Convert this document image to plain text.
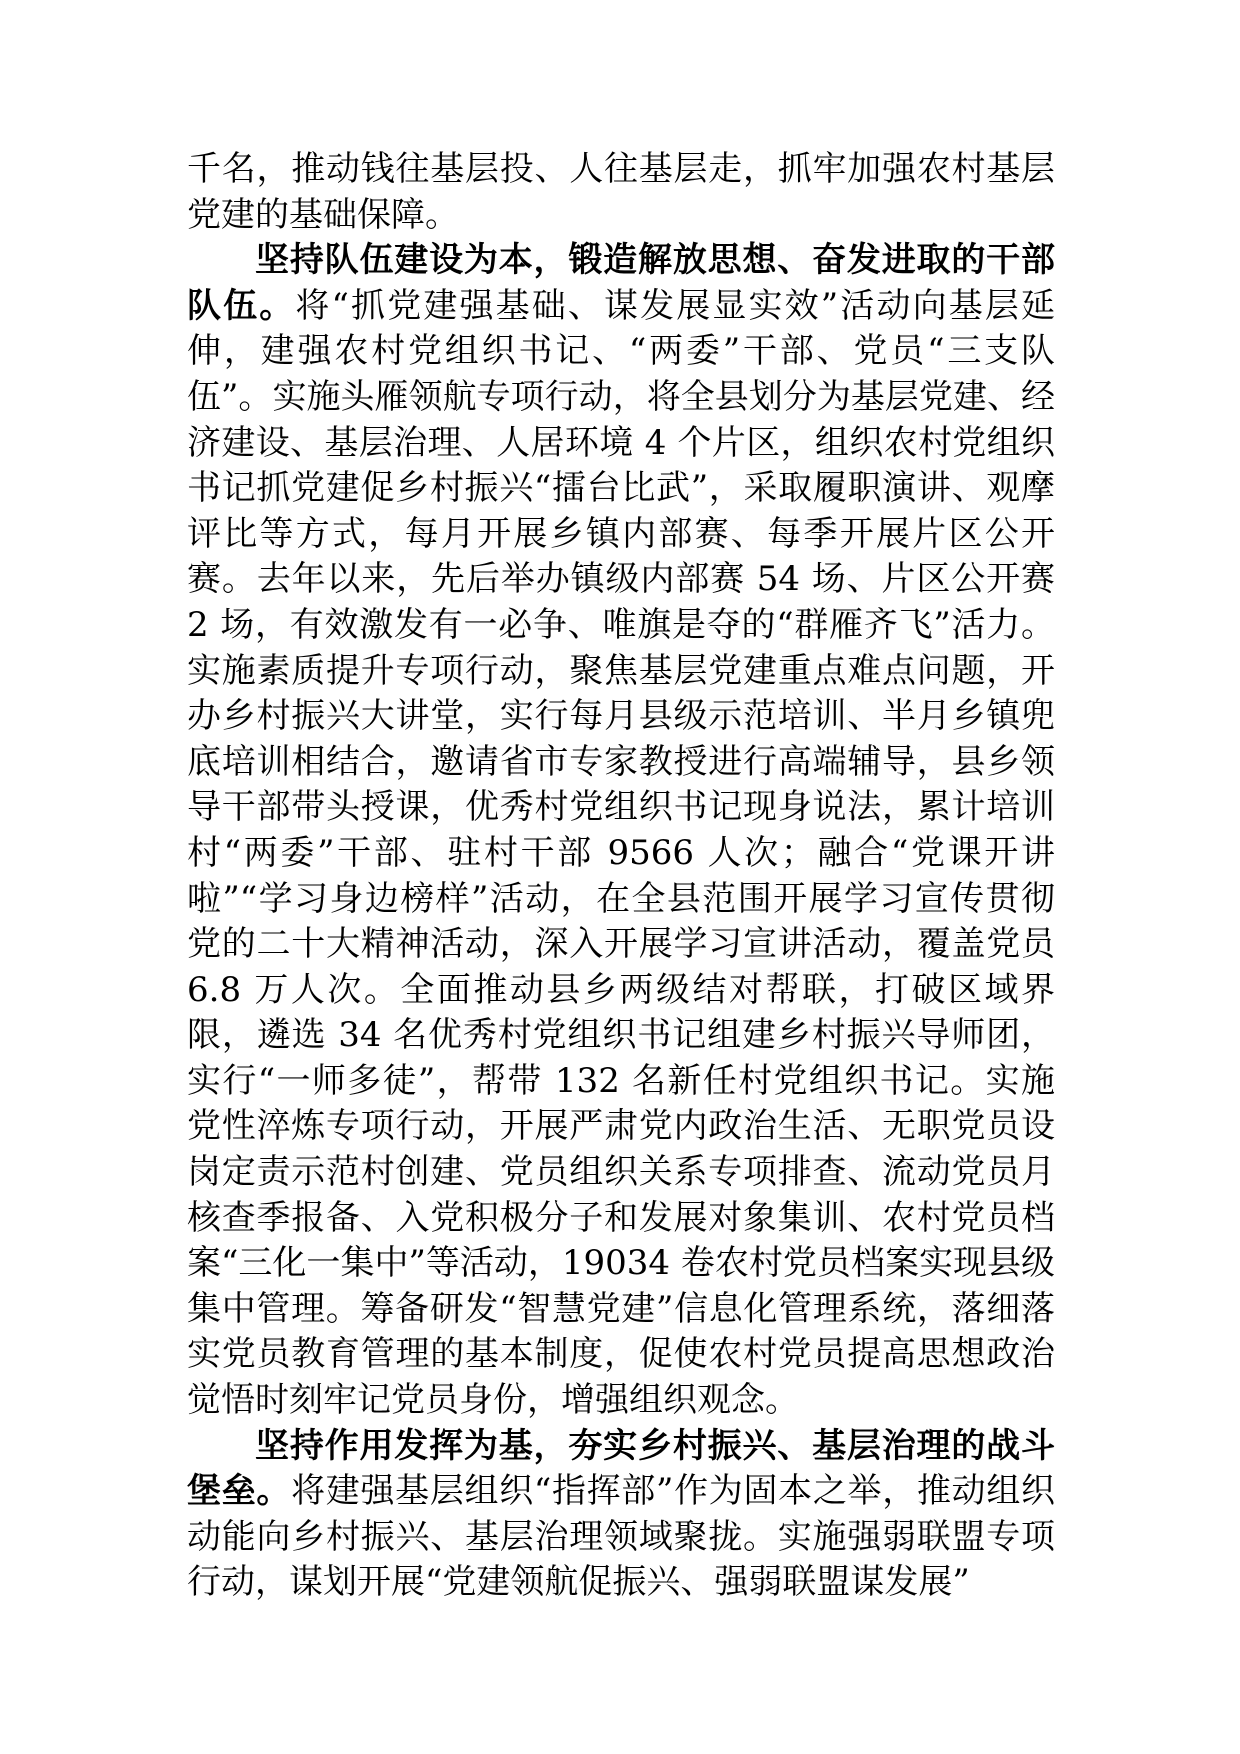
千名，推动钱往基层投、人往基层走，抓牢加强农村基层党建的基础保障。

坚持队伍建设为本，锻造解放思想、奋发进取的干部队伍。将“抓党建强基础、谋发展显实效”活动向基层延伸，建强农村党组织书记、“两委”干部、党员“三支队伍”。实施头雁领航专项行动，将全县划分为基层党建、经济建设、基层治理、人居环境 4 个片区，组织农村党组织书记抓党建促乡村振兴“擂台比武”，采取履职演讲、观摩评比等方式，每月开展乡镇内部赛、每季开展片区公开赛。去年以来，先后举办镇级内部赛 54 场、片区公开赛 2 场，有效激发有一必争、唯旗是夺的“群雁齐飞”活力。实施素质提升专项行动，聚焦基层党建重点难点问题，开办乡村振兴大讲堂，实行每月县级示范培训、半月乡镇兜底培训相结合，邀请省市专家教授进行高端辅导，县乡领导干部带头授课，优秀村党组织书记现身说法，累计培训村“两委”干部、驻村干部 9566 人次；融合“党课开讲啦”“学习身边榜样”活动，在全县范围开展学习宣传贯彻党的二十大精神活动，深入开展学习宣讲活动，覆盖党员 6.8 万人次。全面推动县乡两级结对帮联，打破区域界限，遴选 34 名优秀村党组织书记组建乡村振兴导师团，实行“一师多徒”，帮带 132 名新任村党组织书记。实施党性淬炼专项行动，开展严肃党内政治生活、无职党员设岗定责示范村创建、党员组织关系专项排查、流动党员月核查季报备、入党积极分子和发展对象集训、农村党员档案“三化一集中”等活动，19034 卷农村党员档案实现县级集中管理。筹备研发“智慧党建”信息化管理系统，落细落实党员教育管理的基本制度，促使农村党员提高思想政治觉悟时刻牢记党员身份，增强组织观念。

坚持作用发挥为基，夯实乡村振兴、基层治理的战斗堡垒。将建强基层组织“指挥部”作为固本之举，推动组织动能向乡村振兴、基层治理领域聚拢。实施强弱联盟专项行动，谋划开展“党建领航促振兴、强弱联盟谋发展”
